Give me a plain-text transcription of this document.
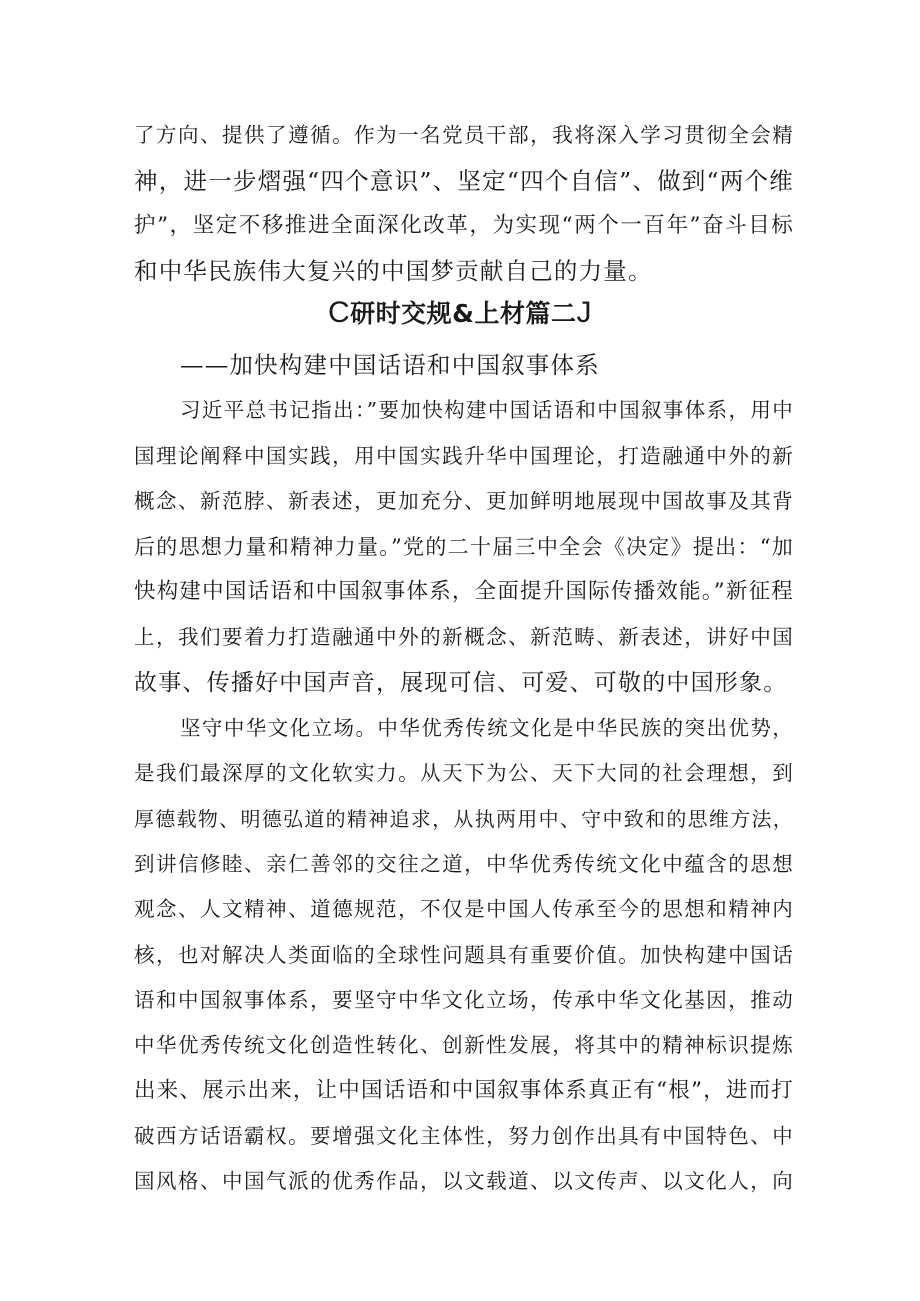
了方向、提供了遵循。作为一名党员干部，我将深入学习贯彻全会精
神，进一步熠强“四个意识”、坚定“四个自信”、做到“两个维
护”，坚定不移推进全面深化改革，为实现“两个一百年”奋斗目标
和中华民族伟大复兴的中国梦贡献自己的力量。
C研时交规&上材篇二J
——加快构建中国话语和中国叙事体系
习近平总书记指出：”要加快构建中国话语和中国叙事体系，用中
国理论阐释中国实践，用中国实践升华中国理论，打造融通中外的新
概念、新范脖、新表述，更加充分、更加鲜明地展现中国故事及其背
后的思想力量和精神力量。”党的二十届三中全会《决定》提出：“加
快构建中国话语和中国叙事体系，全面提升国际传播效能。”新征程
上，我们要着力打造融通中外的新概念、新范畴、新表述，讲好中国
故事、传播好中国声音，展现可信、可爱、可敬的中国形象。
坚守中华文化立场。中华优秀传统文化是中华民族的突出优势，
是我们最深厚的文化软实力。从天下为公、天下大同的社会理想，到
厚德载物、明德弘道的精神追求，从执两用中、守中致和的思维方法，
到讲信修睦、亲仁善邻的交往之道，中华优秀传统文化中蕴含的思想
观念、人文精神、道德规范，不仅是中国人传承至今的思想和精神内
核，也对解决人类面临的全球性问题具有重要价值。加快构建中国话
语和中国叙事体系，要坚守中华文化立场，传承中华文化基因，推动
中华优秀传统文化创造性转化、创新性发展，将其中的精神标识提炼
出来、展示出来，让中国话语和中国叙事体系真正有“根”，进而打
破西方话语霸权。要增强文化主体性，努力创作出具有中国特色、中
国风格、中国气派的优秀作品，以文载道、以文传声、以文化人，向
